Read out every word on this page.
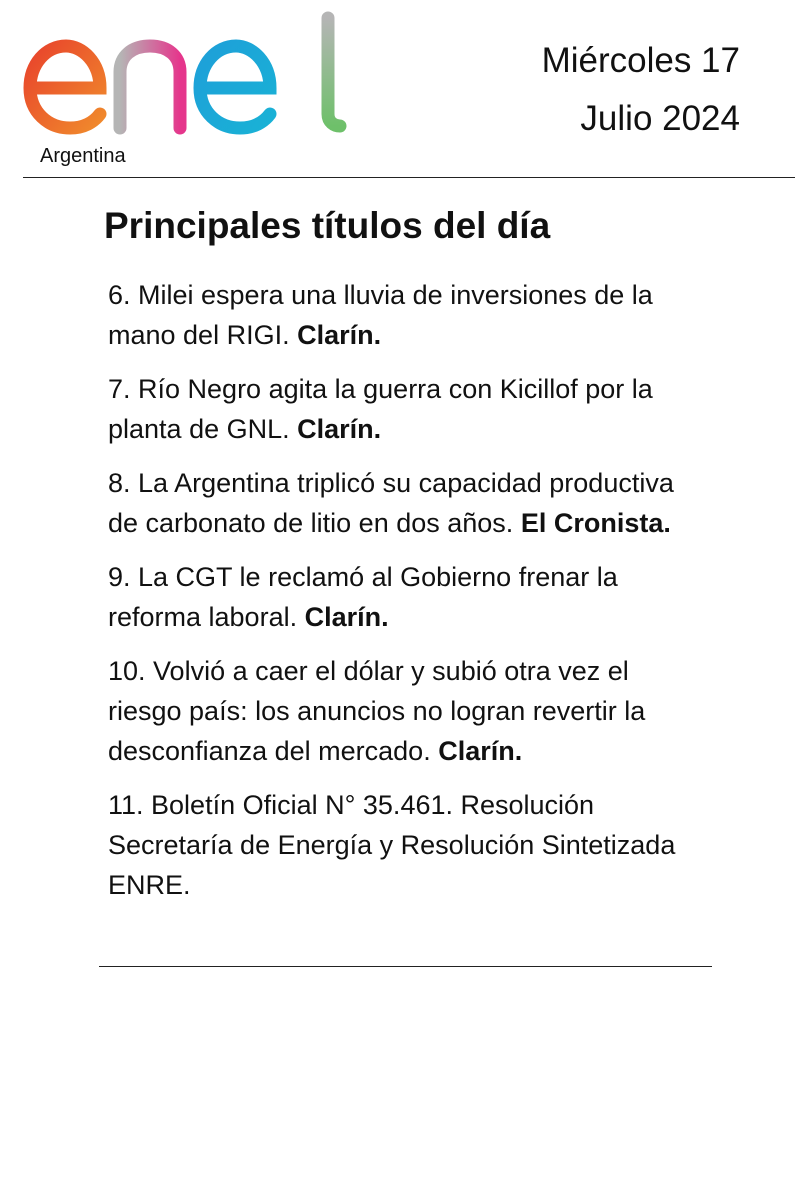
Argentina
Miércoles 17
Julio 2024
Principales títulos del día
6. Milei espera una lluvia de inversiones de la mano del RIGI. Clarín.
7. Río Negro agita la guerra con Kicillof por la planta de GNL. Clarín.
8. La Argentina triplicó su capacidad productiva de carbonato de litio en dos años. El Cronista.
9. La CGT le reclamó al Gobierno frenar la reforma laboral. Clarín.
10. Volvió a caer el dólar y subió otra vez el riesgo país: los anuncios no logran revertir la desconfianza del mercado. Clarín.
11. Boletín Oficial N° 35.461. Resolución Secretaría de Energía y Resolución Sintetizada ENRE.
